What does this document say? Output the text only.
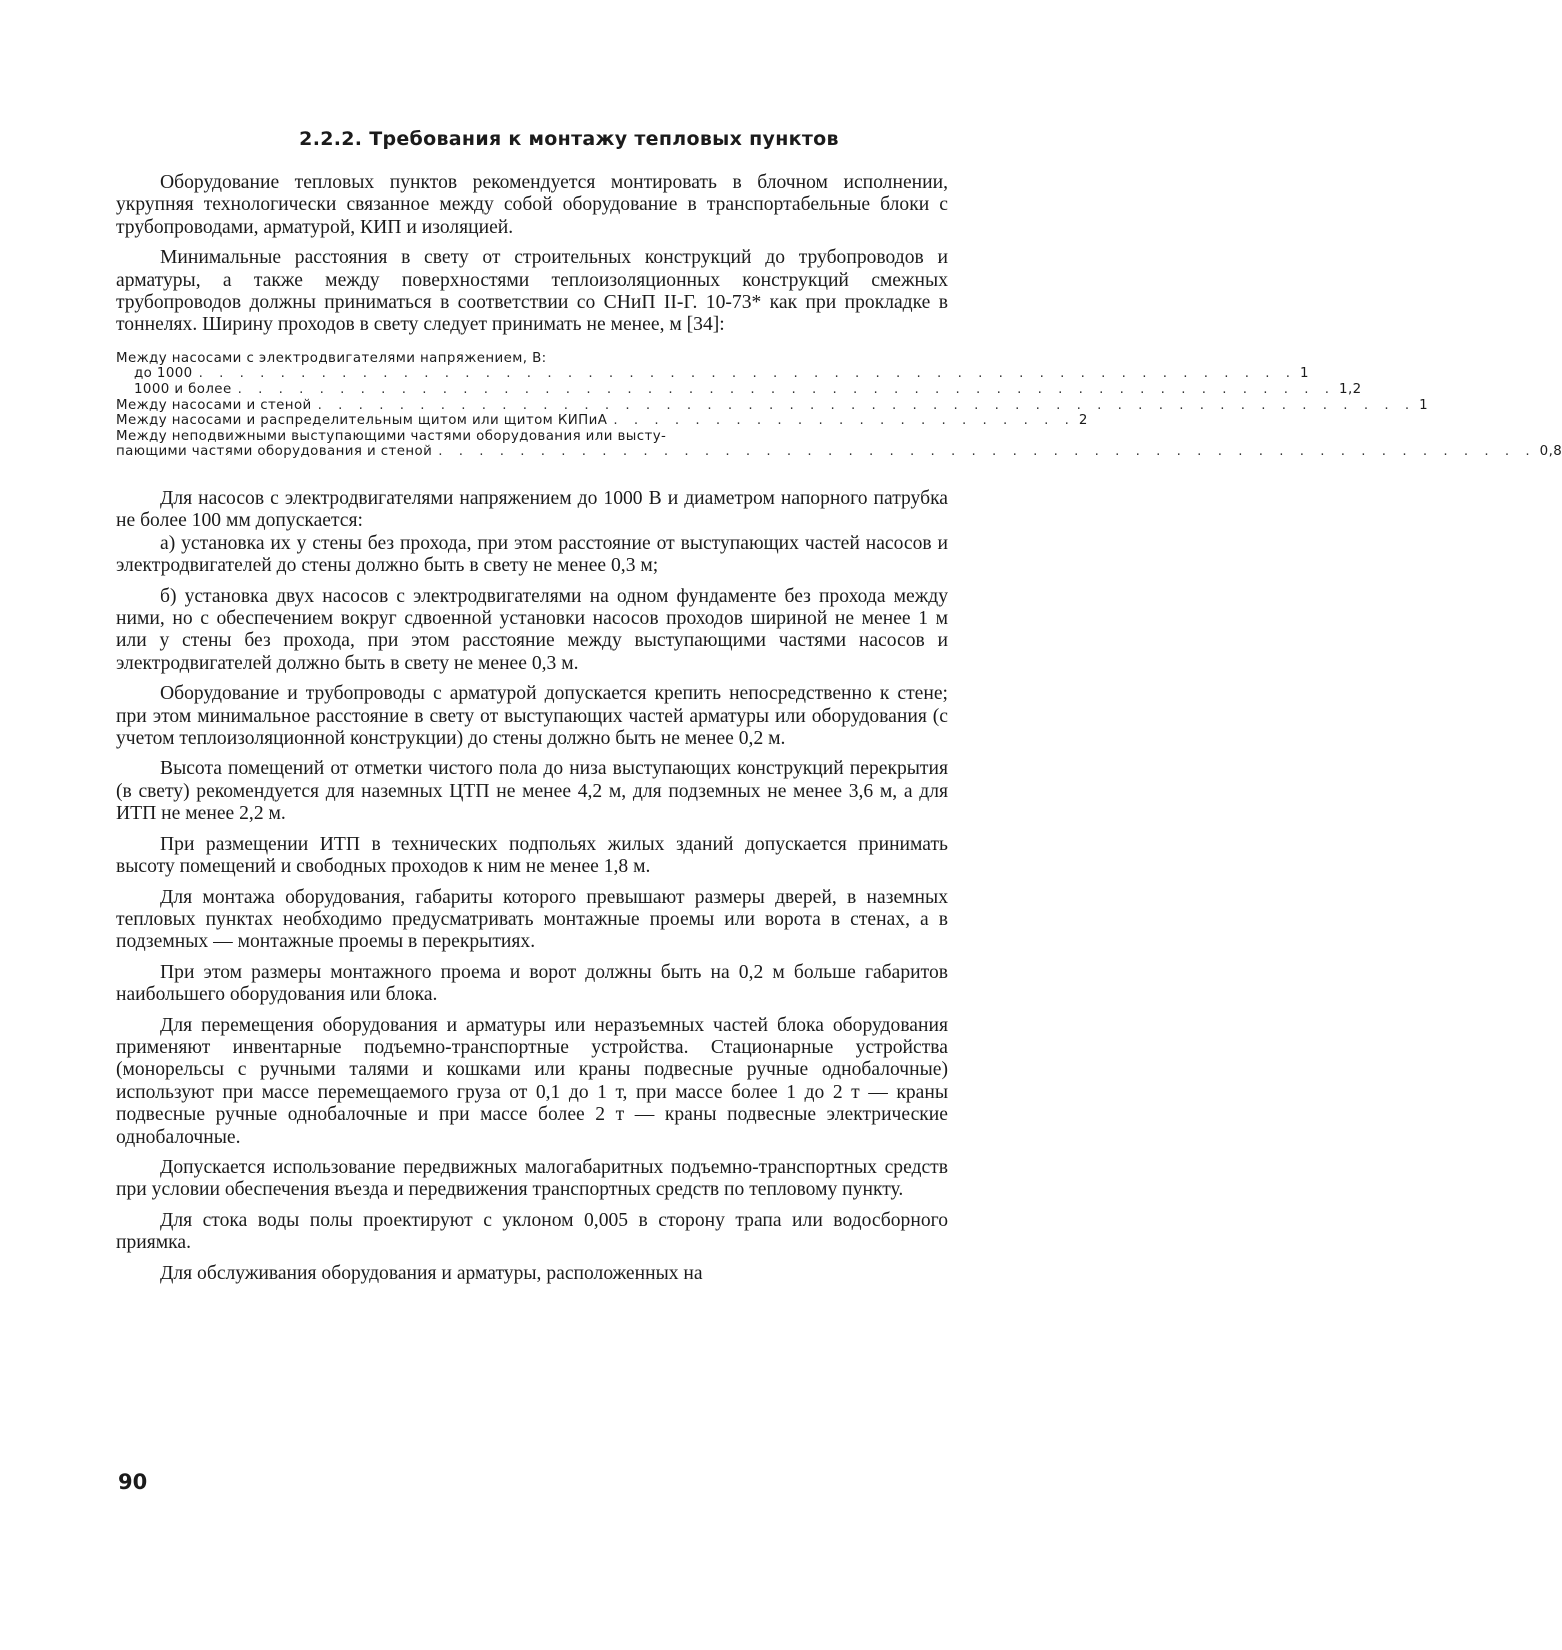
2.2.2. Требования к монтажу тепловых пунктов

Оборудование тепловых пунктов рекомендуется монтировать в блочном исполнении, укрупняя технологически связанное между собой оборудование в транспортабельные блоки с трубопроводами, арматурой, КИП и изоляцией.

Минимальные расстояния в свету от строительных конструкций до трубопроводов и арматуры, а также между поверхностями теплоизоляционных конструкций смежных трубопроводов должны приниматься в соответствии со СНиП II-Г. 10-73* как при прокладке в тоннелях. Ширину проходов в свету следует принимать не менее, м [34]:

Между насосами с электродвигателями напряжением, В:
до 1000 . . . . . . . . . . . . . . . . . . . . . . . . . . . . . . . . . . . . . . . . . . . . . . . . . . . . . . 1
1000 и более . . . . . . . . . . . . . . . . . . . . . . . . . . . . . . . . . . . . . . . . . . . . . . . . . . . . . . 1,2
Между насосами и стеной . . . . . . . . . . . . . . . . . . . . . . . . . . . . . . . . . . . . . . . . . . . . . . . . . . . . . . 1
Между насосами и распределительным щитом или щитом КИПиА . . . . . . . . . . . . . . . . . . . . . . . 2
Между неподвижными выступающими частями оборудования или высту-
пающими частями оборудования и стеной . . . . . . . . . . . . . . . . . . . . . . . . . . . . . . . . . . . . . . . . . . . . . . . . . . . . . . 0,8

Для насосов с электродвигателями напряжением до 1000 В и диаметром напорного патрубка не более 100 мм допускается:

а) установка их у стены без прохода, при этом расстояние от выступающих частей насосов и электродвигателей до стены должно быть в свету не менее 0,3 м;

б) установка двух насосов с электродвигателями на одном фундаменте без прохода между ними, но с обеспечением вокруг сдвоенной установки насосов проходов шириной не менее 1 м или у стены без прохода, при этом расстояние между выступающими частями насосов и электродвигателей должно быть в свету не менее 0,3 м.

Оборудование и трубопроводы с арматурой допускается крепить непосредственно к стене; при этом минимальное расстояние в свету от выступающих частей арматуры или оборудования (с учетом теплоизоляционной конструкции) до стены должно быть не менее 0,2 м.

Высота помещений от отметки чистого пола до низа выступающих конструкций перекрытия (в свету) рекомендуется для наземных ЦТП не менее 4,2 м, для подземных не менее 3,6 м, а для ИТП не менее 2,2 м.

При размещении ИТП в технических подпольях жилых зданий допускается принимать высоту помещений и свободных проходов к ним не менее 1,8 м.

Для монтажа оборудования, габариты которого превышают размеры дверей, в наземных тепловых пунктах необходимо предусматривать монтажные проемы или ворота в стенах, а в подземных — монтажные проемы в перекрытиях.

При этом размеры монтажного проема и ворот должны быть на 0,2 м больше габаритов наибольшего оборудования или блока.

Для перемещения оборудования и арматуры или неразъемных частей блока оборудования применяют инвентарные подъемно-транспортные устройства. Стационарные устройства (монорельсы с ручными талями и кошками или краны подвесные ручные однобалочные) используют при массе перемещаемого груза от 0,1 до 1 т, при массе более 1 до 2 т — краны подвесные ручные однобалочные и при массе более 2 т — краны подвесные электрические однобалочные.

Допускается использование передвижных малогабаритных подъемно-транспортных средств при условии обеспечения въезда и передвижения транспортных средств по тепловому пункту.

Для стока воды полы проектируют с уклоном 0,005 в сторону трапа или водосборного приямка.

Для обслуживания оборудования и арматуры, расположенных на

90
